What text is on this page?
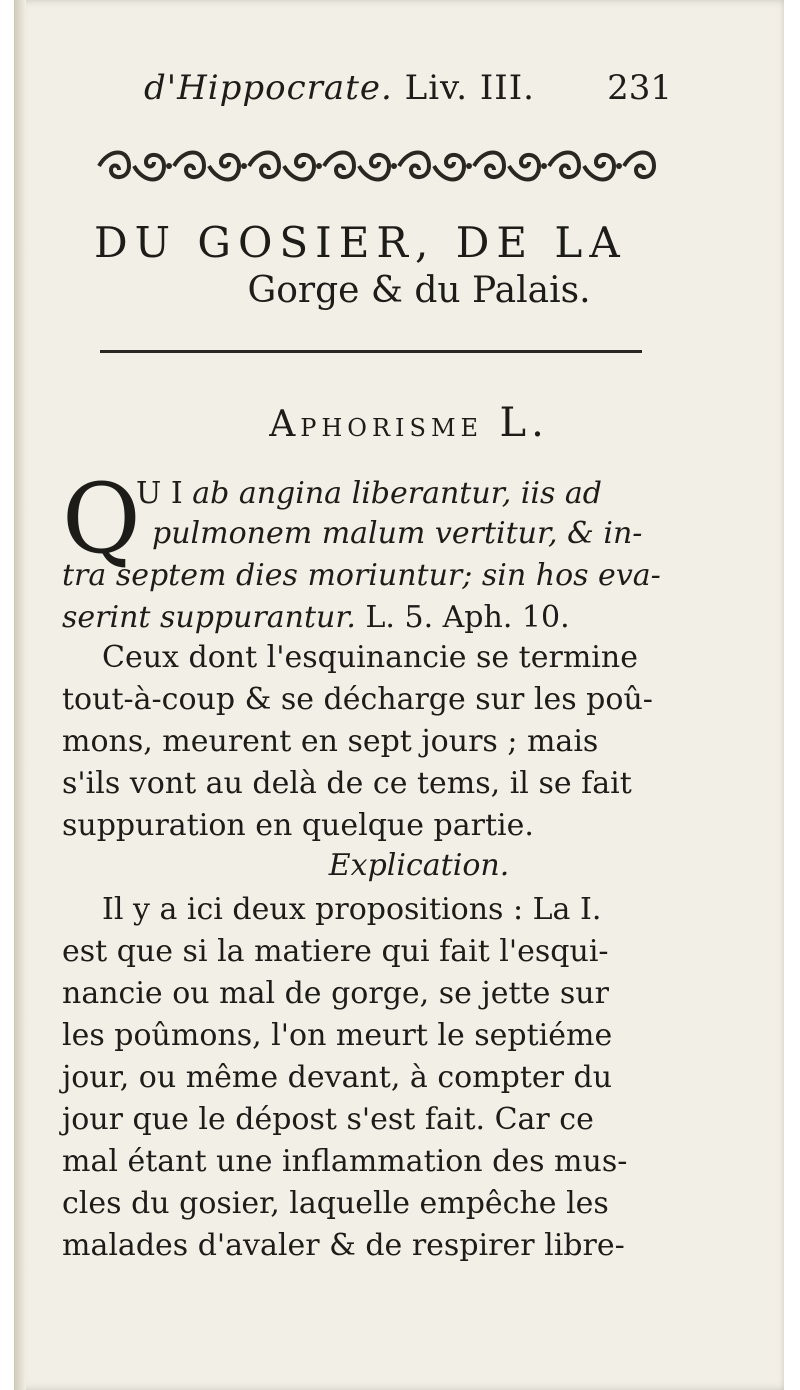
d'Hippocrate. Liv. III. 231
DU GOSIER, DE LA
Gorge & du Palais.
APHORISME L.
Q
U I ab angina liberantur, iis ad
pulmonem malum vertitur, & in-
tra septem dies moriuntur; sin hos eva-
serint suppurantur. L. 5. Aph. 10.
Ceux dont l'esquinancie se termine
tout-à-coup & se décharge sur les poû-
mons, meurent en sept jours ; mais
s'ils vont au delà de ce tems, il se fait
suppuration en quelque partie.
Explication.
Il y a ici deux propositions : La I.
est que si la matiere qui fait l'esqui-
nancie ou mal de gorge, se jette sur
les poûmons, l'on meurt le septiéme
jour, ou même devant, à compter du
jour que le dépost s'est fait. Car ce
mal étant une inflammation des mus-
cles du gosier, laquelle empêche les
malades d'avaler & de respirer libre-
